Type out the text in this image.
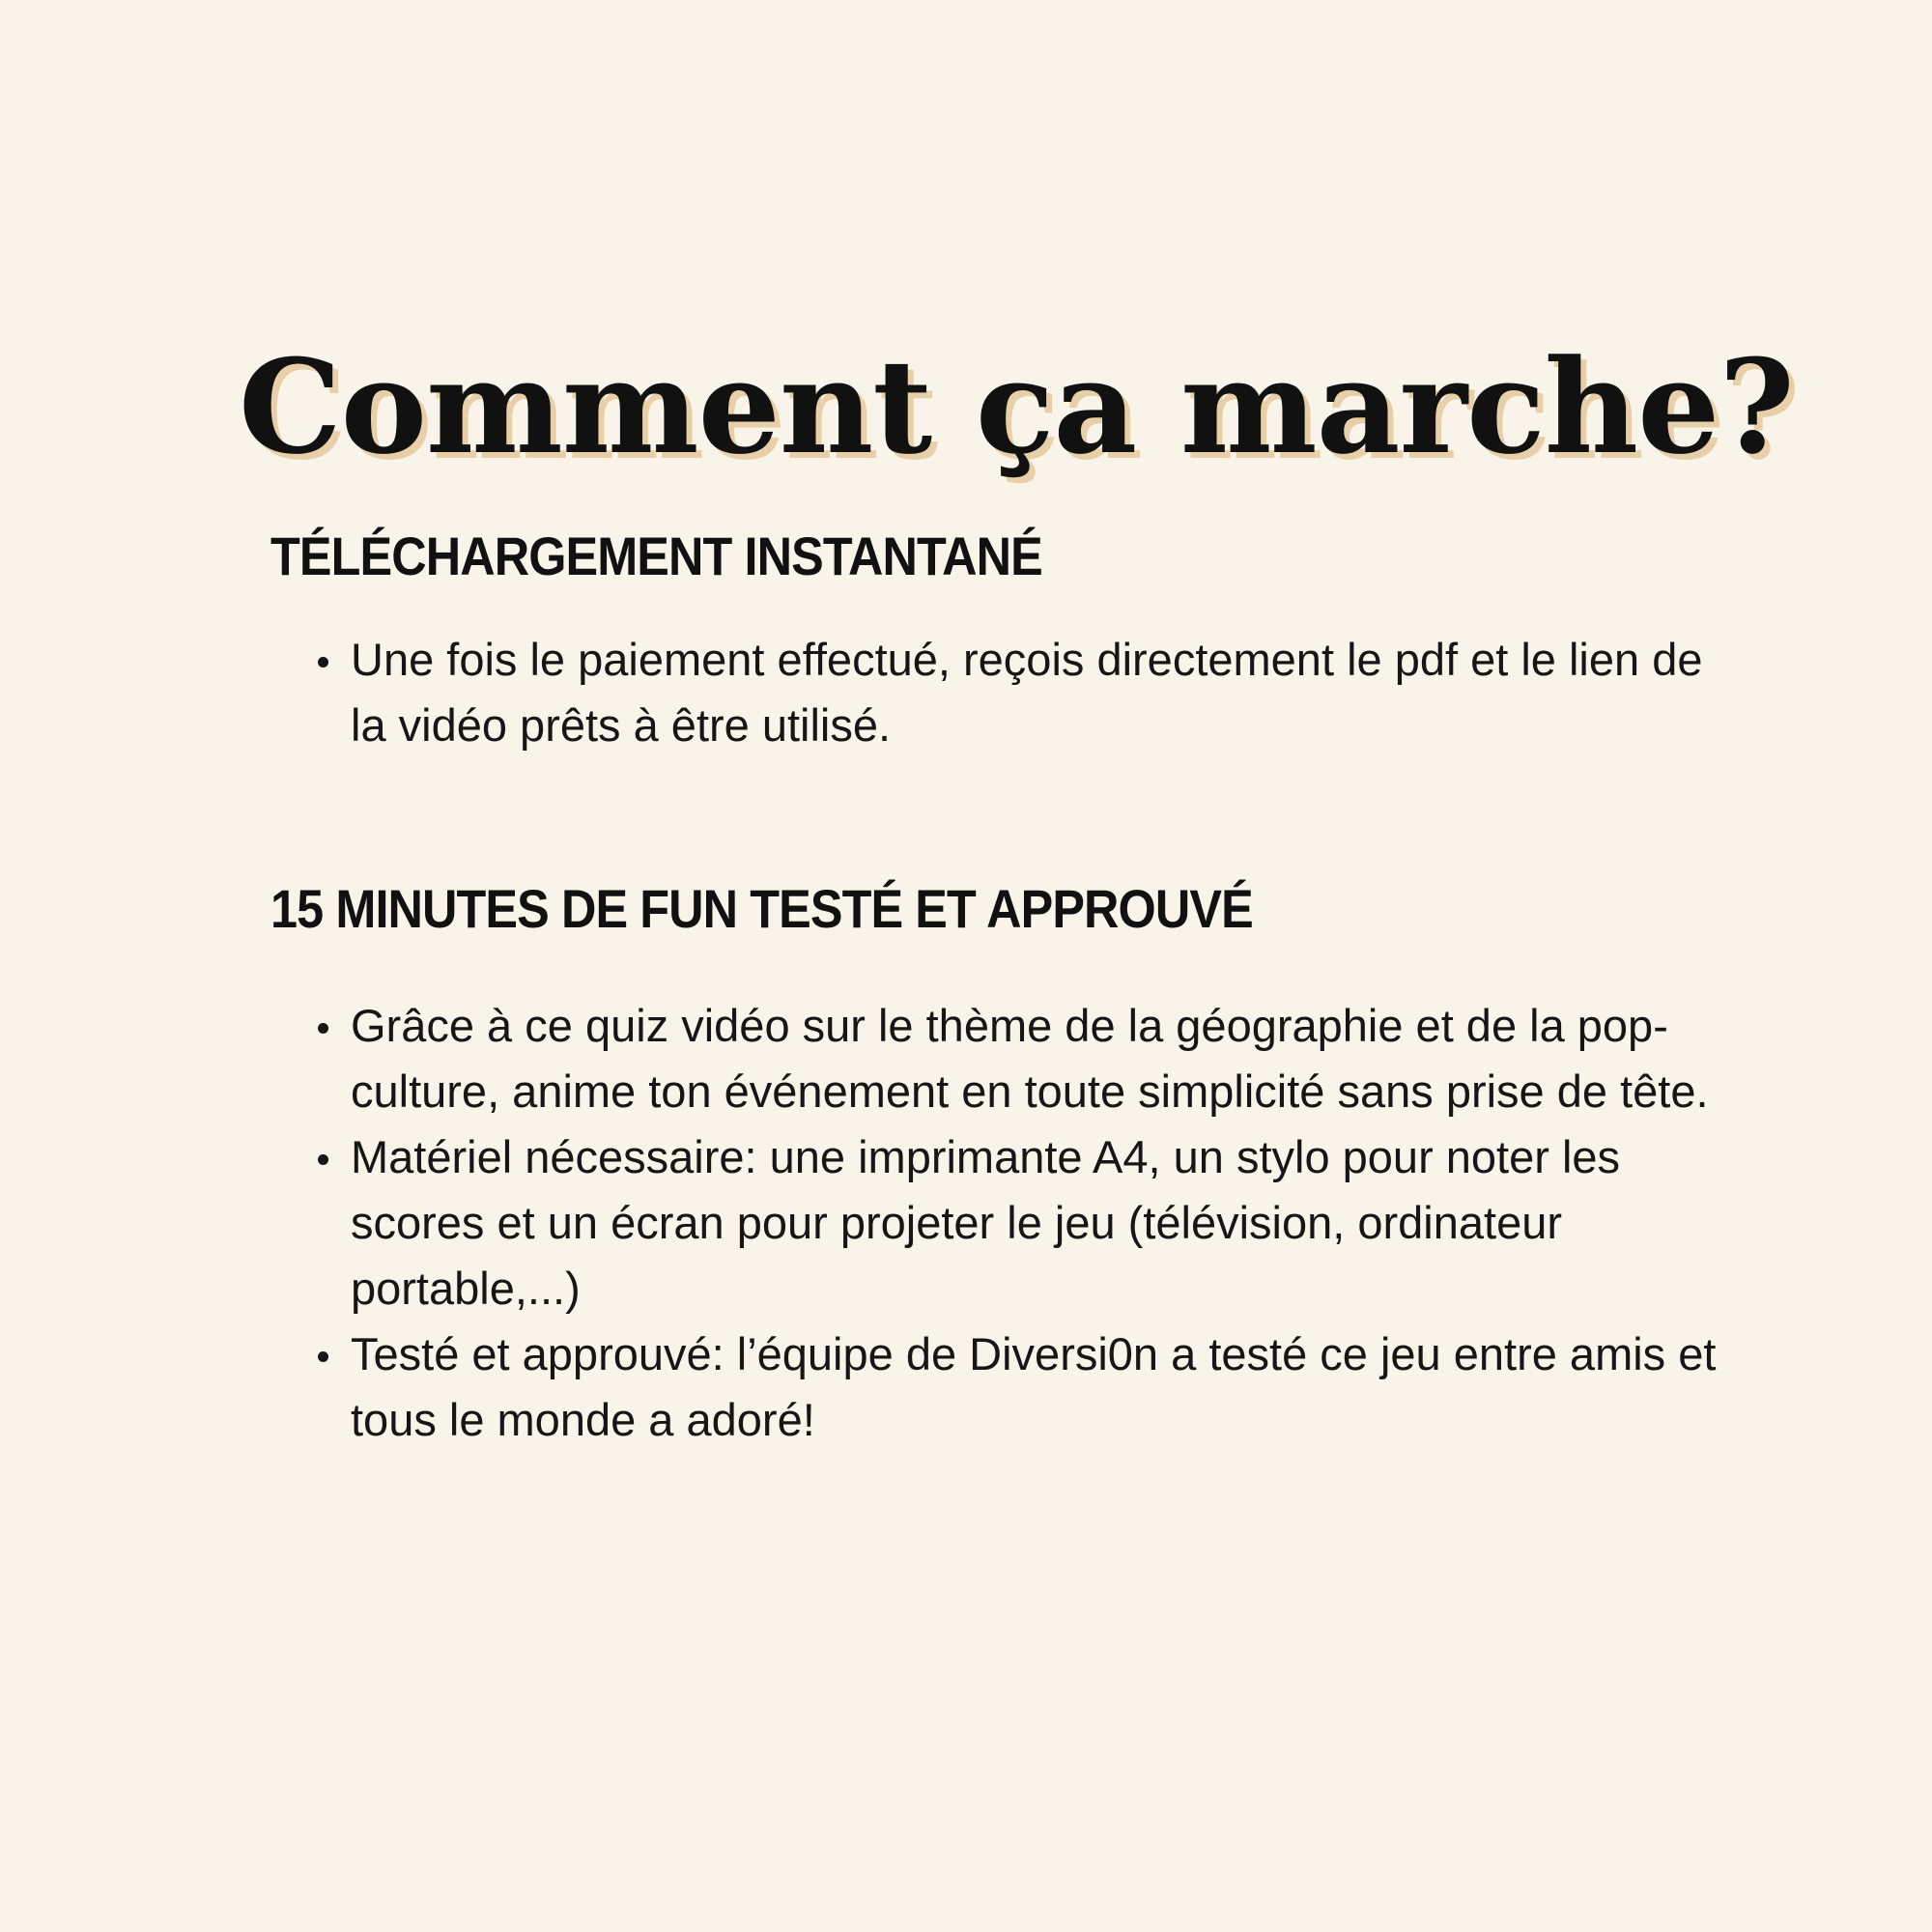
Comment ça marche?
TÉLÉCHARGEMENT INSTANTANÉ
Une fois le paiement effectué, reçois directement le pdf et le lien de la vidéo prêts à être utilisé.
15 MINUTES DE FUN TESTÉ ET APPROUVÉ
Grâce à ce quiz vidéo sur le thème de la géographie et de la pop-culture, anime ton événement en toute simplicité sans prise de tête.
Matériel nécessaire: une imprimante A4, un stylo pour noter les scores et un écran pour projeter le jeu (télévision, ordinateur portable,...)
Testé et approuvé: l’équipe de Diversi0n a testé ce jeu entre amis et tous le monde a adoré!
